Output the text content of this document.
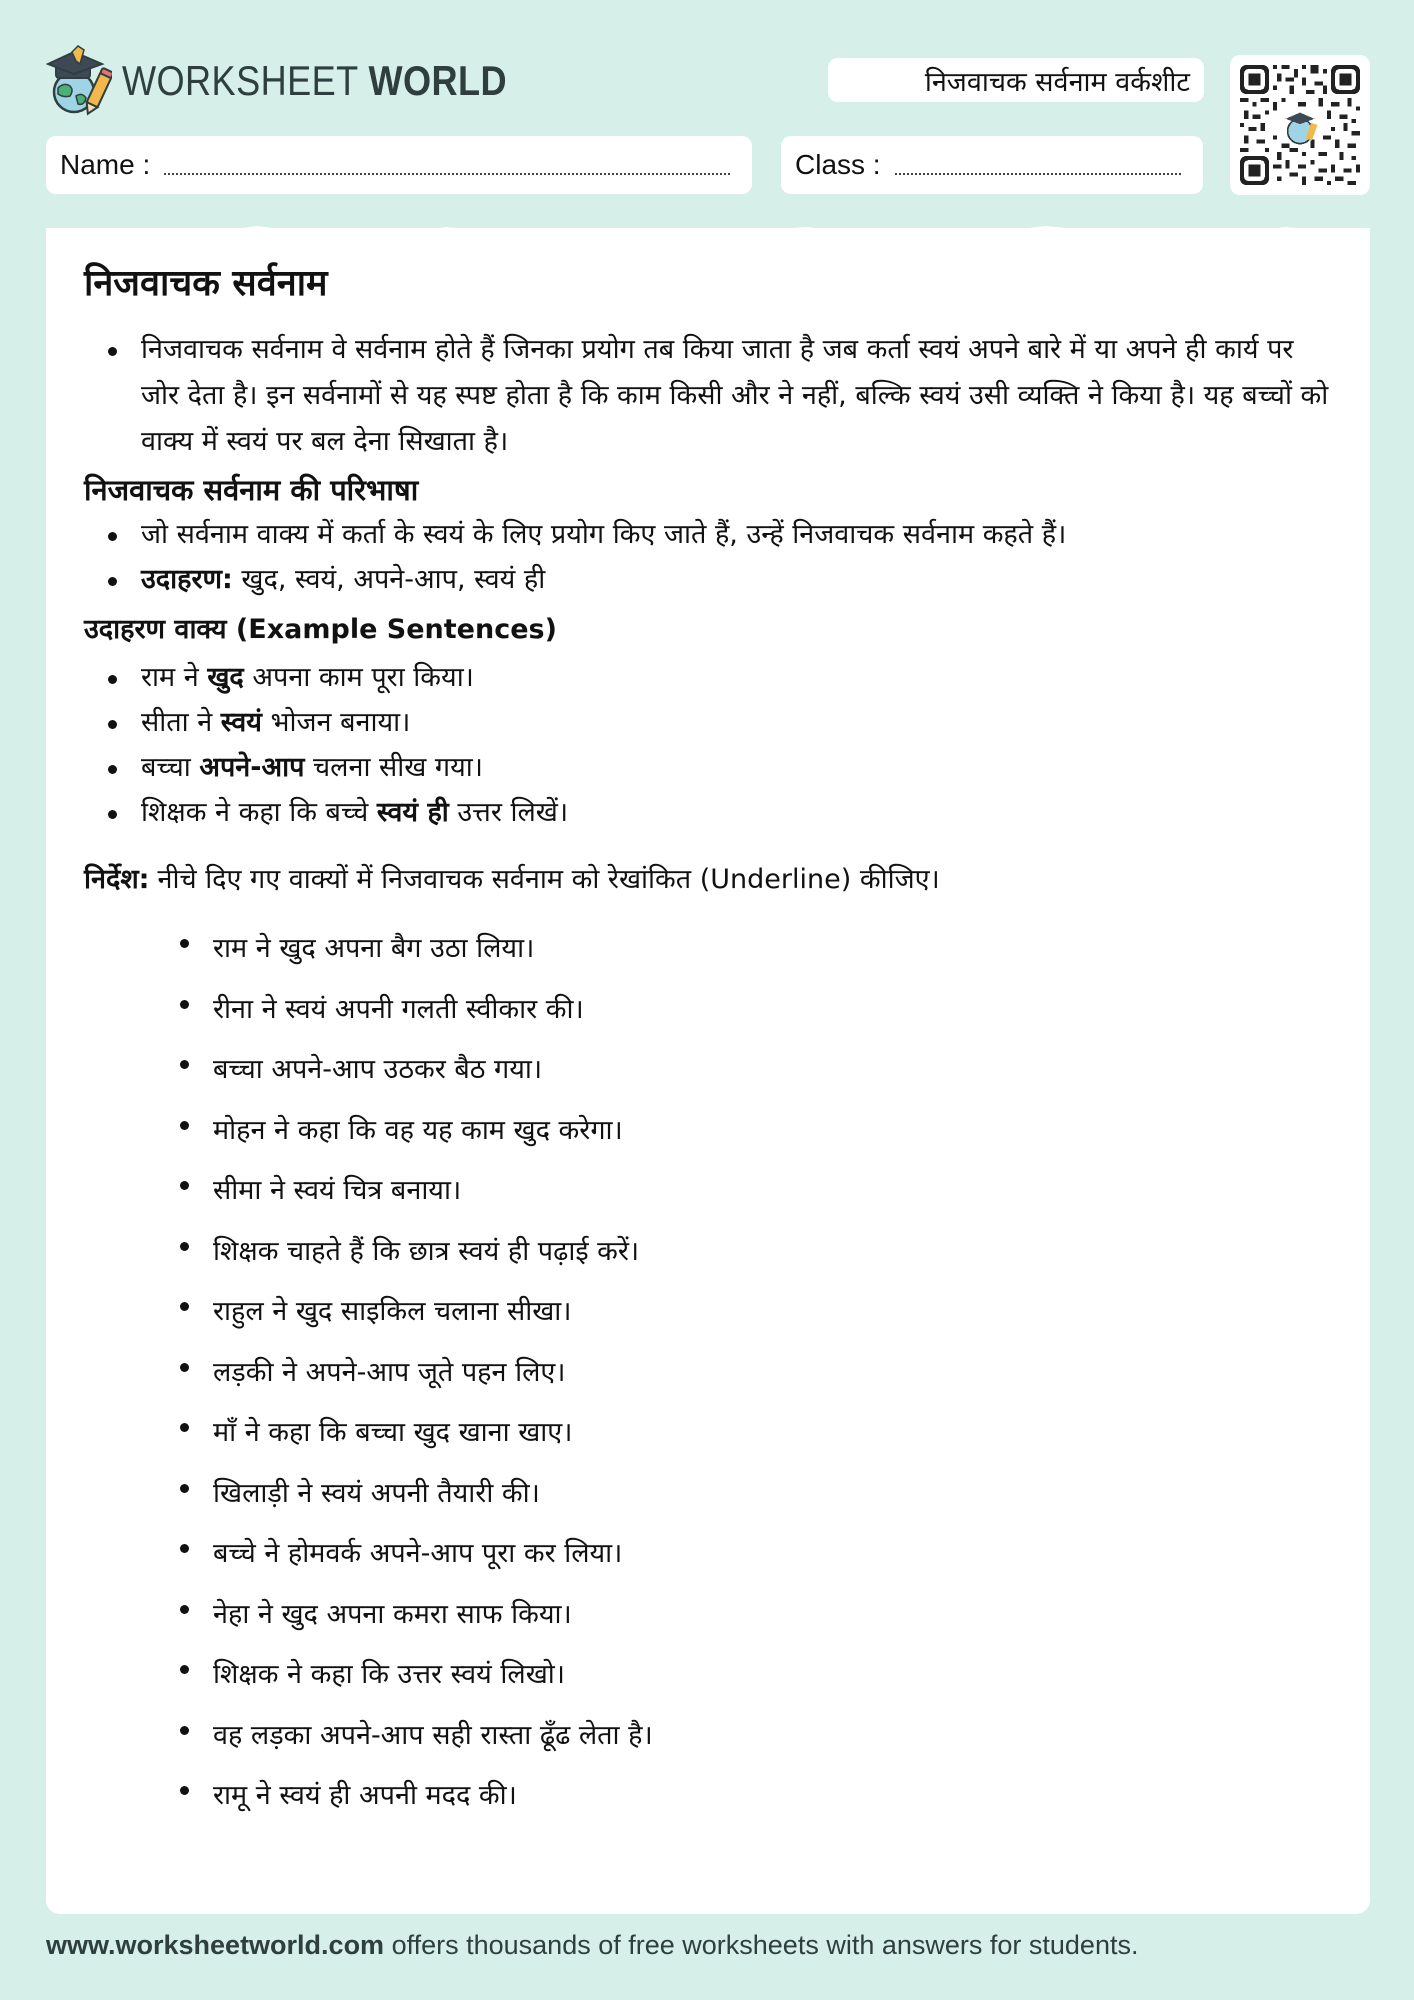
WORKSHEET WORLD	निजवाचक सर्वनाम वर्कशीट
Name :	Class :
निजवाचक सर्वनाम
निजवाचक सर्वनाम वे सर्वनाम होते हैं जिनका प्रयोग तब किया जाता है जब कर्ता स्वयं अपने बारे में या अपने ही कार्य पर जोर देता है। इन सर्वनामों से यह स्पष्ट होता है कि काम किसी और ने नहीं, बल्कि स्वयं उसी व्यक्ति ने किया है। यह बच्चों को वाक्य में स्वयं पर बल देना सिखाता है।
निजवाचक सर्वनाम की परिभाषा
जो सर्वनाम वाक्य में कर्ता के स्वयं के लिए प्रयोग किए जाते हैं, उन्हें निजवाचक सर्वनाम कहते हैं।
उदाहरण: खुद, स्वयं, अपने-आप, स्वयं ही
उदाहरण वाक्य (Example Sentences)
राम ने खुद अपना काम पूरा किया।
सीता ने स्वयं भोजन बनाया।
बच्चा अपने-आप चलना सीख गया।
शिक्षक ने कहा कि बच्चे स्वयं ही उत्तर लिखें।

निर्देश: नीचे दिए गए वाक्यों में निजवाचक सर्वनाम को रेखांकित (Underline) कीजिए।

राम ने खुद अपना बैग उठा लिया।
रीना ने स्वयं अपनी गलती स्वीकार की।
बच्चा अपने-आप उठकर बैठ गया।
मोहन ने कहा कि वह यह काम खुद करेगा।
सीमा ने स्वयं चित्र बनाया।
शिक्षक चाहते हैं कि छात्र स्वयं ही पढ़ाई करें।
राहुल ने खुद साइकिल चलाना सीखा।
लड़की ने अपने-आप जूते पहन लिए।
माँ ने कहा कि बच्चा खुद खाना खाए।
खिलाड़ी ने स्वयं अपनी तैयारी की।
बच्चे ने होमवर्क अपने-आप पूरा कर लिया।
नेहा ने खुद अपना कमरा साफ किया।
शिक्षक ने कहा कि उत्तर स्वयं लिखो।
वह लड़का अपने-आप सही रास्ता ढूँढ लेता है।
रामू ने स्वयं ही अपनी मदद की।
www.worksheetworld.com offers thousands of free worksheets with answers for students.
